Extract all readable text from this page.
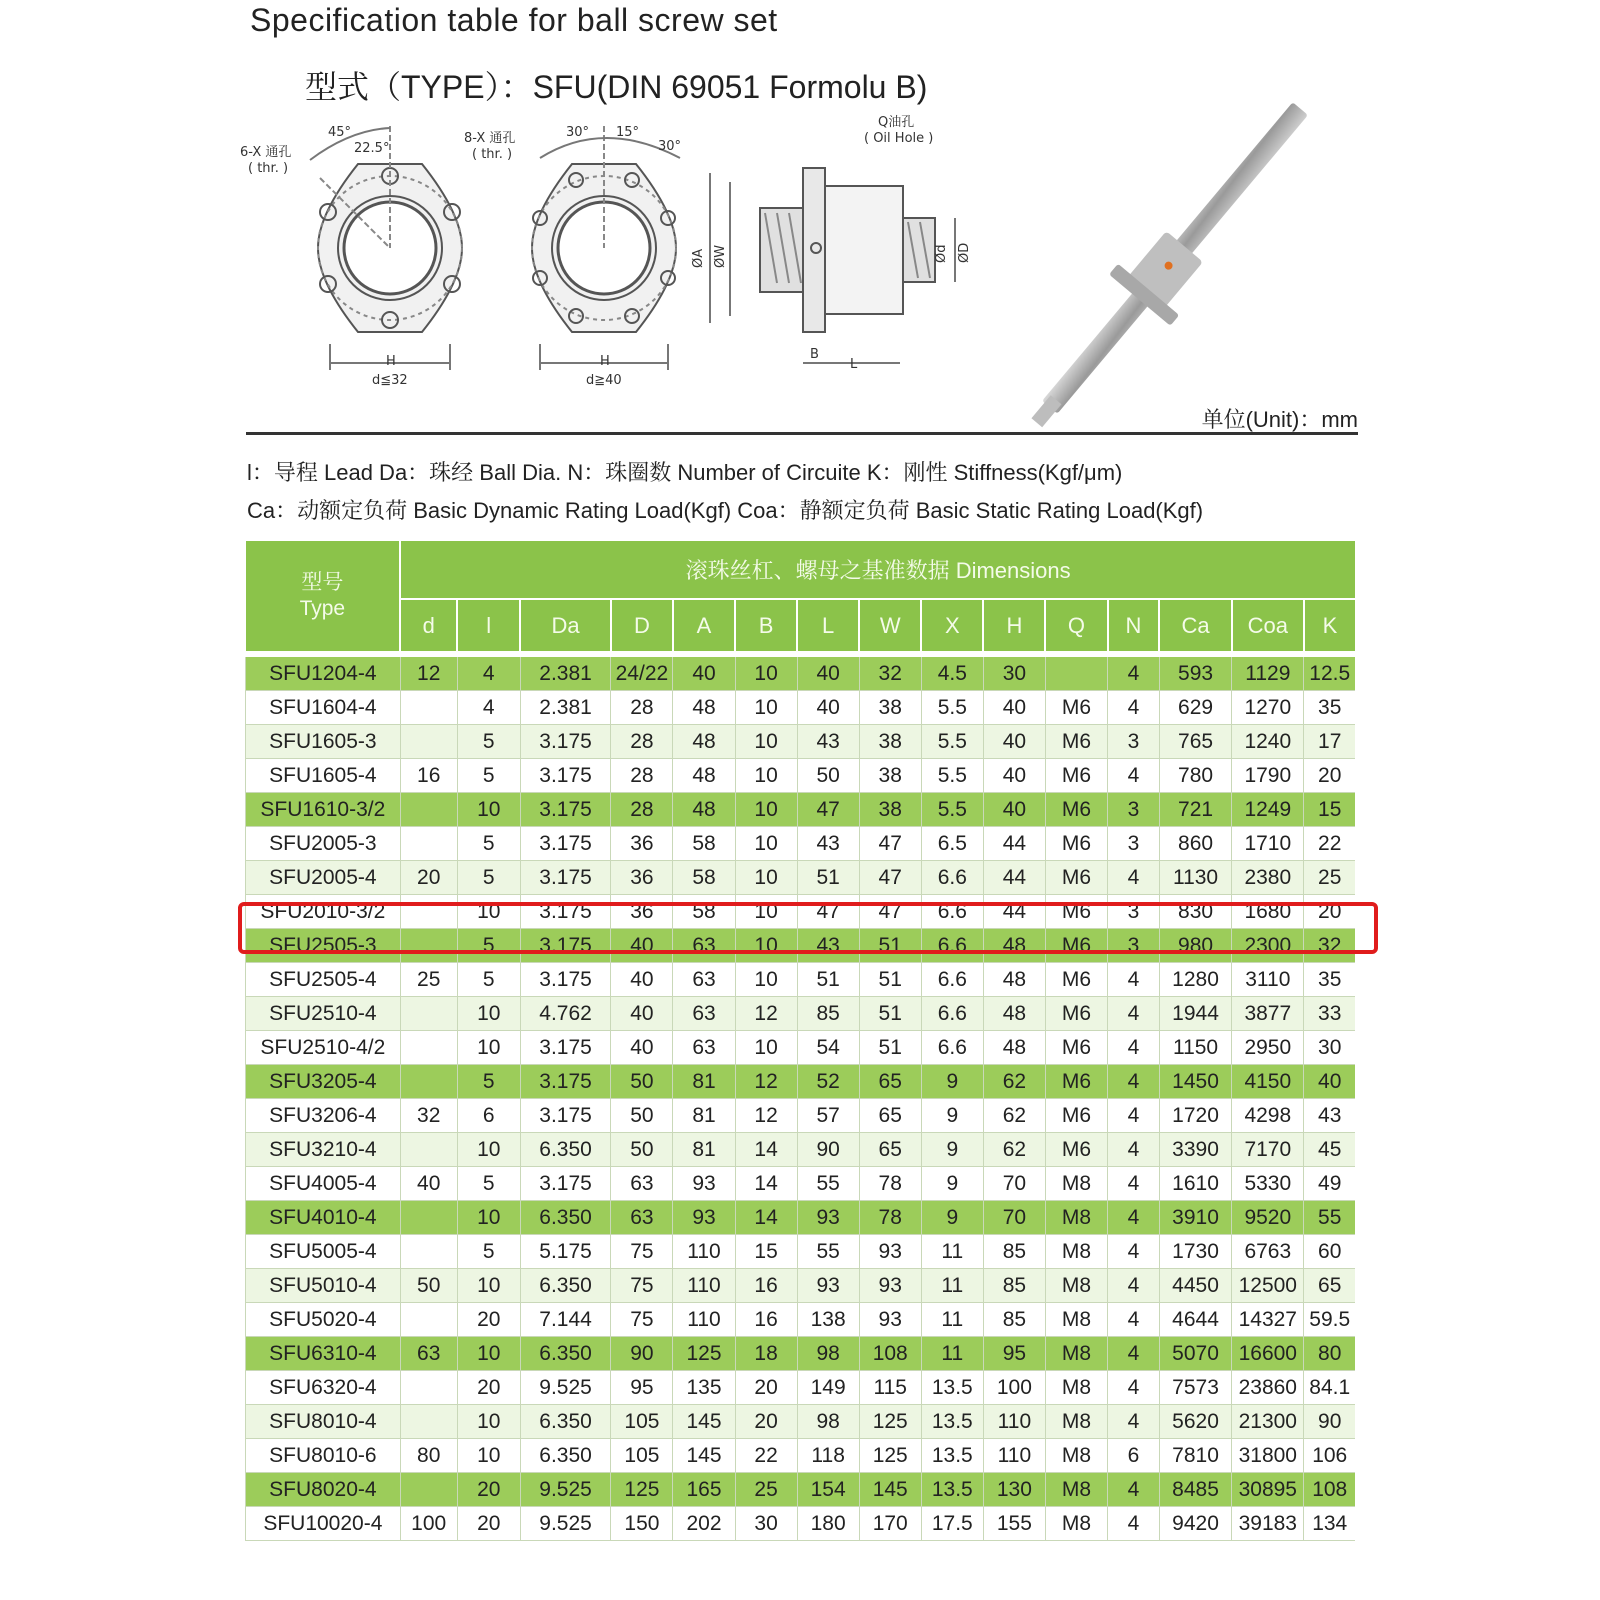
Specification table for ball screw set
型式（TYPE）：SFU(DIN 69051 Formolu B)
6-X 通孔
( thr. )
45°
22.5°
H
d≦32
8-X 通孔
( thr. )
30° 15°
30°
H
d≧40
Q油孔
( Oil Hole )
ØA ØW	Ød ØD
B
L
单位(Unit)：mm
l：导程 Lead Da：珠经 Ball Dia. N：珠圈数 Number of Circuite K：刚性 Stiffness(Kgf/μm)
Ca：动额定负荷 Basic Dynamic Rating Load(Kgf) Coa：静额定负荷 Basic Static Rating Load(Kgf)
型号
Type	滚珠丝杠、螺母之基准数据 Dimensions														
	d	l	Da	D	A	B	L	W	X	H	Q	N	Ca	Coa	K
SFU1204-4	12	4	2.381	24/22	40	10	40	32	4.5	30		4	593	1129	12.5
SFU1604-4		4	2.381	28	48	10	40	38	5.5	40	M6	4	629	1270	35
SFU1605-3		5	3.175	28	48	10	43	38	5.5	40	M6	3	765	1240	17
SFU1605-4	16	5	3.175	28	48	10	50	38	5.5	40	M6	4	780	1790	20
SFU1610-3/2		10	3.175	28	48	10	47	38	5.5	40	M6	3	721	1249	15
SFU2005-3		5	3.175	36	58	10	43	47	6.5	44	M6	3	860	1710	22
SFU2005-4	20	5	3.175	36	58	10	51	47	6.6	44	M6	4	1130	2380	25
SFU2010-3/2		10	3.175	36	58	10	47	47	6.6	44	M6	3	830	1680	20
SFU2505-3		5	3.175	40	63	10	43	51	6.6	48	M6	3	980	2300	32
SFU2505-4	25	5	3.175	40	63	10	51	51	6.6	48	M6	4	1280	3110	35
SFU2510-4		10	4.762	40	63	12	85	51	6.6	48	M6	4	1944	3877	33
SFU2510-4/2		10	3.175	40	63	10	54	51	6.6	48	M6	4	1150	2950	30
SFU3205-4		5	3.175	50	81	12	52	65	9	62	M6	4	1450	4150	40
SFU3206-4	32	6	3.175	50	81	12	57	65	9	62	M6	4	1720	4298	43
SFU3210-4		10	6.350	50	81	14	90	65	9	62	M6	4	3390	7170	45
SFU4005-4	40	5	3.175	63	93	14	55	78	9	70	M8	4	1610	5330	49
SFU4010-4		10	6.350	63	93	14	93	78	9	70	M8	4	3910	9520	55
SFU5005-4		5	5.175	75	110	15	55	93	11	85	M8	4	1730	6763	60
SFU5010-4	50	10	6.350	75	110	16	93	93	11	85	M8	4	4450	12500	65
SFU5020-4		20	7.144	75	110	16	138	93	11	85	M8	4	4644	14327	59.5
SFU6310-4	63	10	6.350	90	125	18	98	108	11	95	M8	4	5070	16600	80
SFU6320-4		20	9.525	95	135	20	149	115	13.5	100	M8	4	7573	23860	84.1
SFU8010-4		10	6.350	105	145	20	98	125	13.5	110	M8	4	5620	21300	90
SFU8010-6	80	10	6.350	105	145	22	118	125	13.5	110	M8	6	7810	31800	106
SFU8020-4		20	9.525	125	165	25	154	145	13.5	130	M8	4	8485	30895	108
SFU10020-4	100	20	9.525	150	202	30	180	170	17.5	155	M8	4	9420	39183	134
